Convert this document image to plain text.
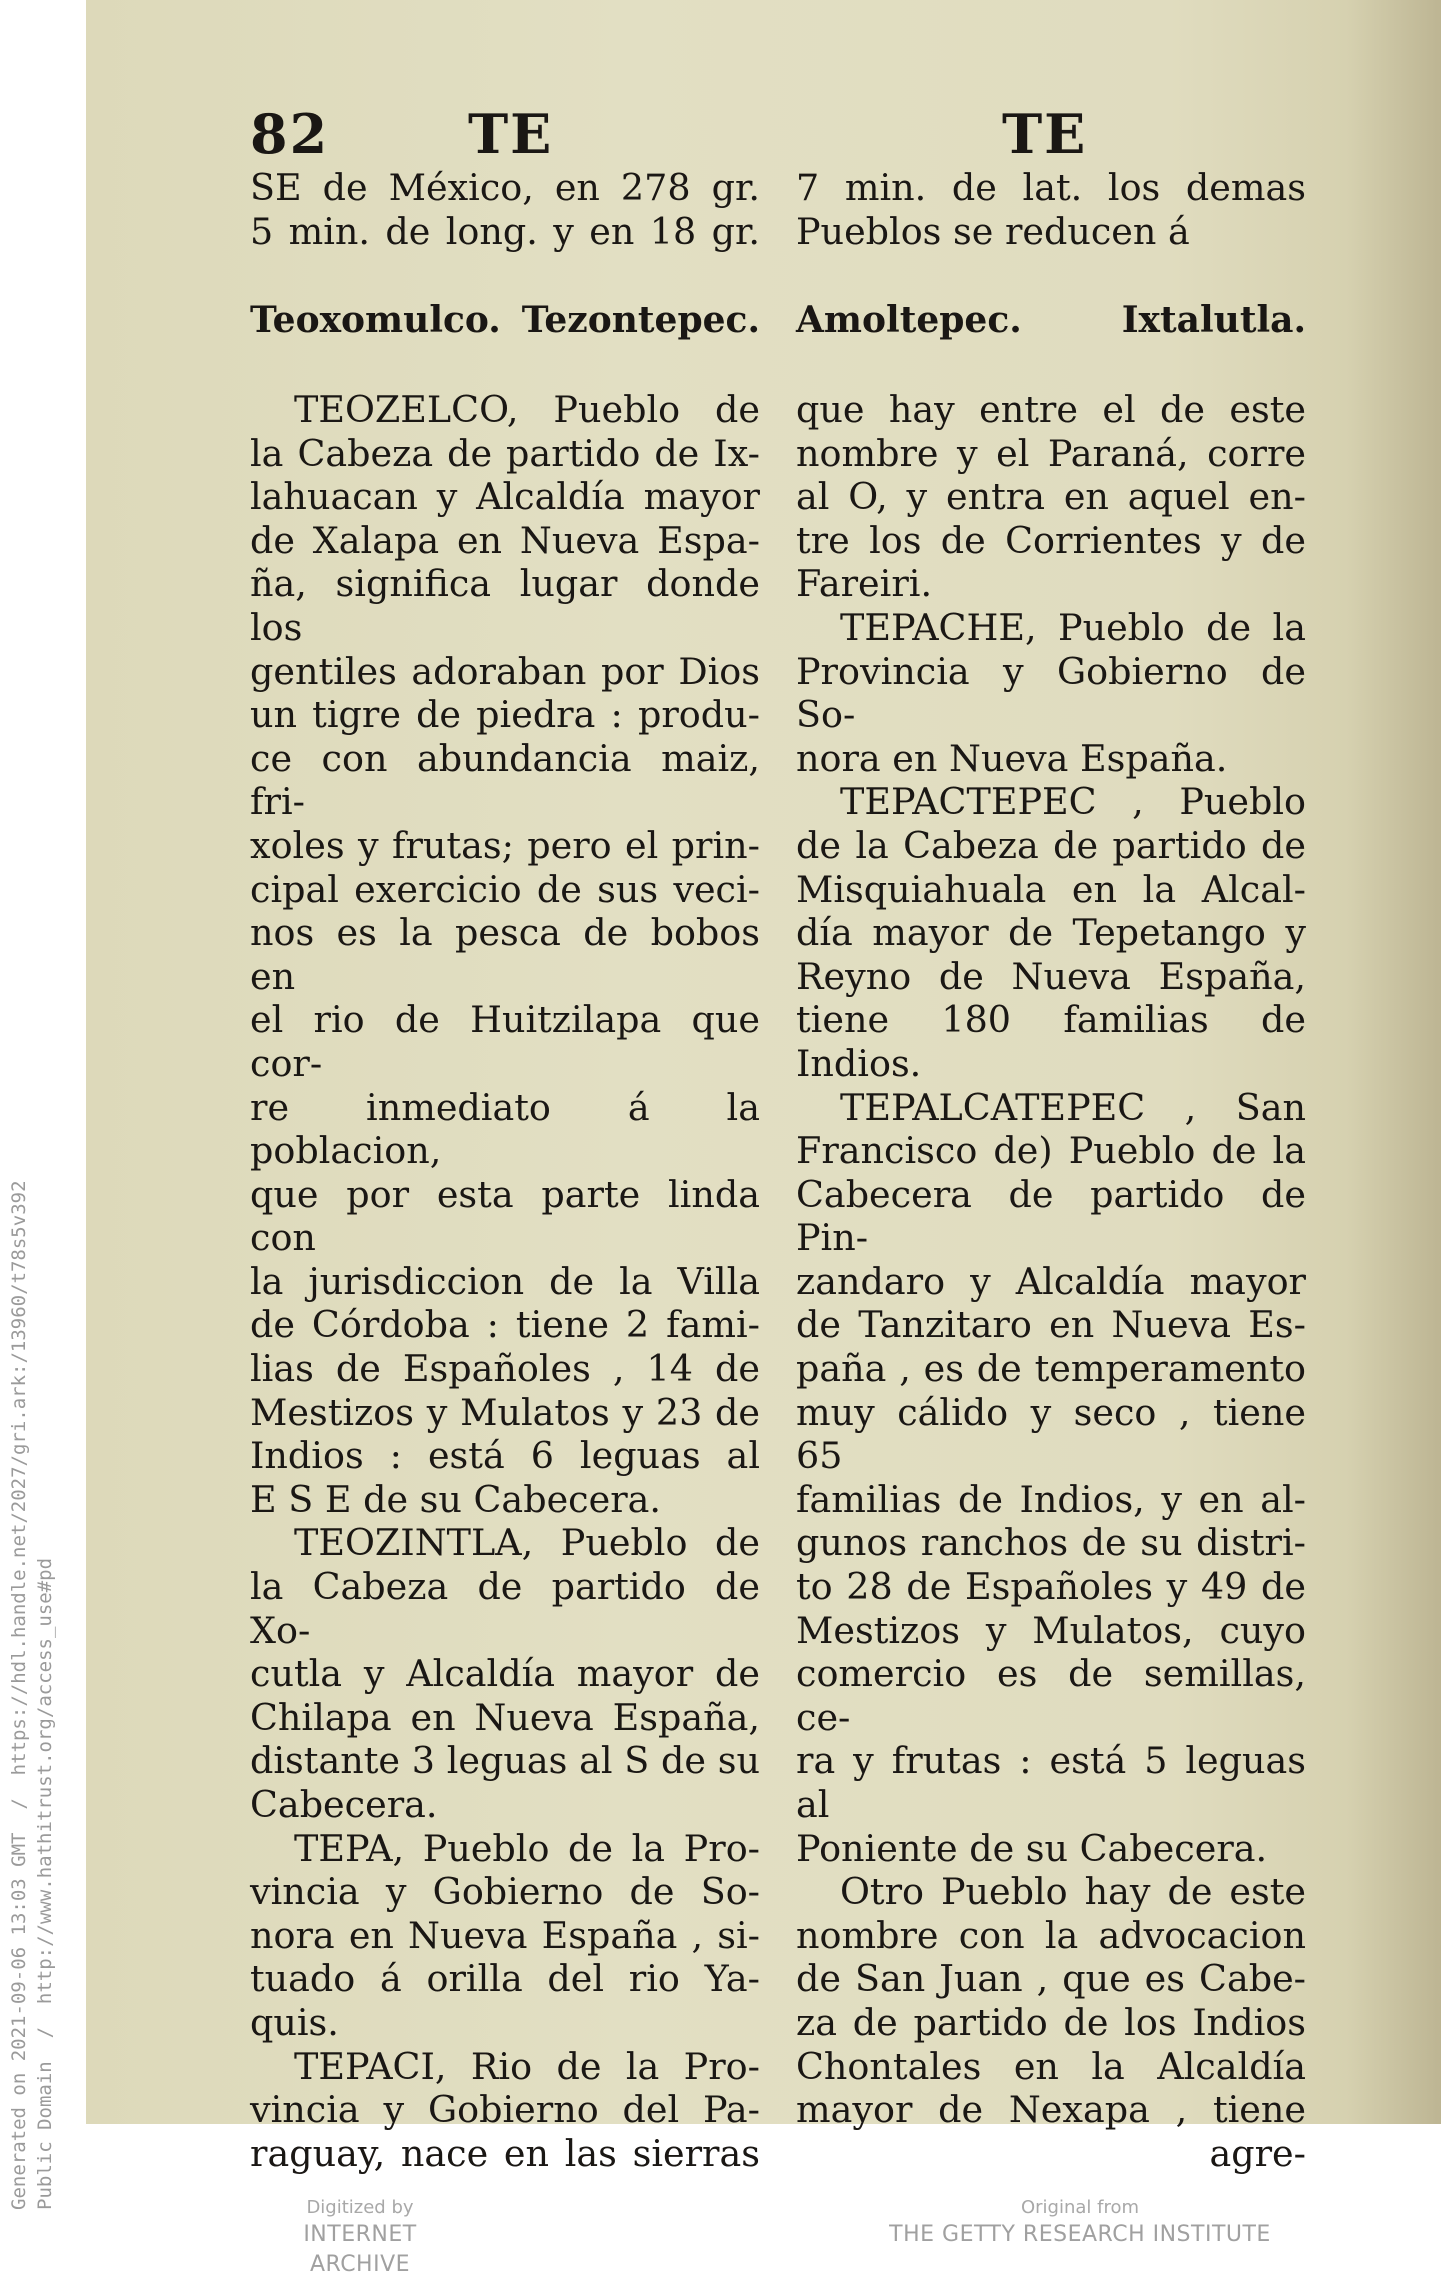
82	TE	TE

SE de México, en 278 gr.

5 min. de long. y en 18 gr.

Teoxomulco. Tezontepec.

TEOZELCO, Pueblo de

la Cabeza de partido de Ix-

lahuacan y Alcaldía mayor

de Xalapa en Nueva Espa-

ña, significa lugar donde los

gentiles adoraban por Dios

un tigre de piedra : produ-

ce con abundancia maiz, fri-

xoles y frutas; pero el prin-

cipal exercicio de sus veci-

nos es la pesca de bobos en

el rio de Huitzilapa que cor-

re inmediato á la poblacion,

que por esta parte linda con

la jurisdiccion de la Villa

de Córdoba : tiene 2 fami-

lias de Españoles , 14 de

Mestizos y Mulatos y 23 de

Indios : está 6 leguas al

E S E de su Cabecera.

TEOZINTLA, Pueblo de

la Cabeza de partido de Xo-

cutla y Alcaldía mayor de

Chilapa en Nueva España,

distante 3 leguas al S de su

Cabecera.

TEPA, Pueblo de la Pro-

vincia y Gobierno de So-

nora en Nueva España , si-

tuado á orilla del rio Ya-

quis.

TEPACI, Rio de la Pro-

vincia y Gobierno del Pa-

raguay, nace en las sierras

7 min. de lat. los demas

Pueblos se reducen á

Amoltepec.	Ixtalutla.

que hay entre el de este

nombre y el Paraná, corre

al O, y entra en aquel en-

tre los de Corrientes y de

Fareiri.

TEPACHE, Pueblo de la

Provincia y Gobierno de So-

nora en Nueva España.

TEPACTEPEC , Pueblo

de la Cabeza de partido de

Misquiahuala en la Alcal-

día mayor de Tepetango y

Reyno de Nueva España,

tiene 180 familias de Indios.

TEPALCATEPEC , San

Francisco de) Pueblo de la

Cabecera de partido de Pin-

zandaro y Alcaldía mayor

de Tanzitaro en Nueva Es-

paña , es de temperamento

muy cálido y seco , tiene 65

familias de Indios, y en al-

gunos ranchos de su distri-

to 28 de Españoles y 49 de

Mestizos y Mulatos, cuyo

comercio es de semillas, ce-

ra y frutas : está 5 leguas al

Poniente de su Cabecera.

Otro Pueblo hay de este

nombre con la advocacion

de San Juan , que es Cabe-

za de partido de los Indios

Chontales en la Alcaldía

mayor de Nexapa , tiene

agre-

Generated on 2021-09-06 13:03 GMT  /  https://hdl.handle.net/2027/gri.ark:/13960/t78s5v392 Public Domain  /  http://www.hathitrust.org/access_use#pd	Digitized by
INTERNET ARCHIVE
Original from
THE GETTY RESEARCH INSTITUTE
